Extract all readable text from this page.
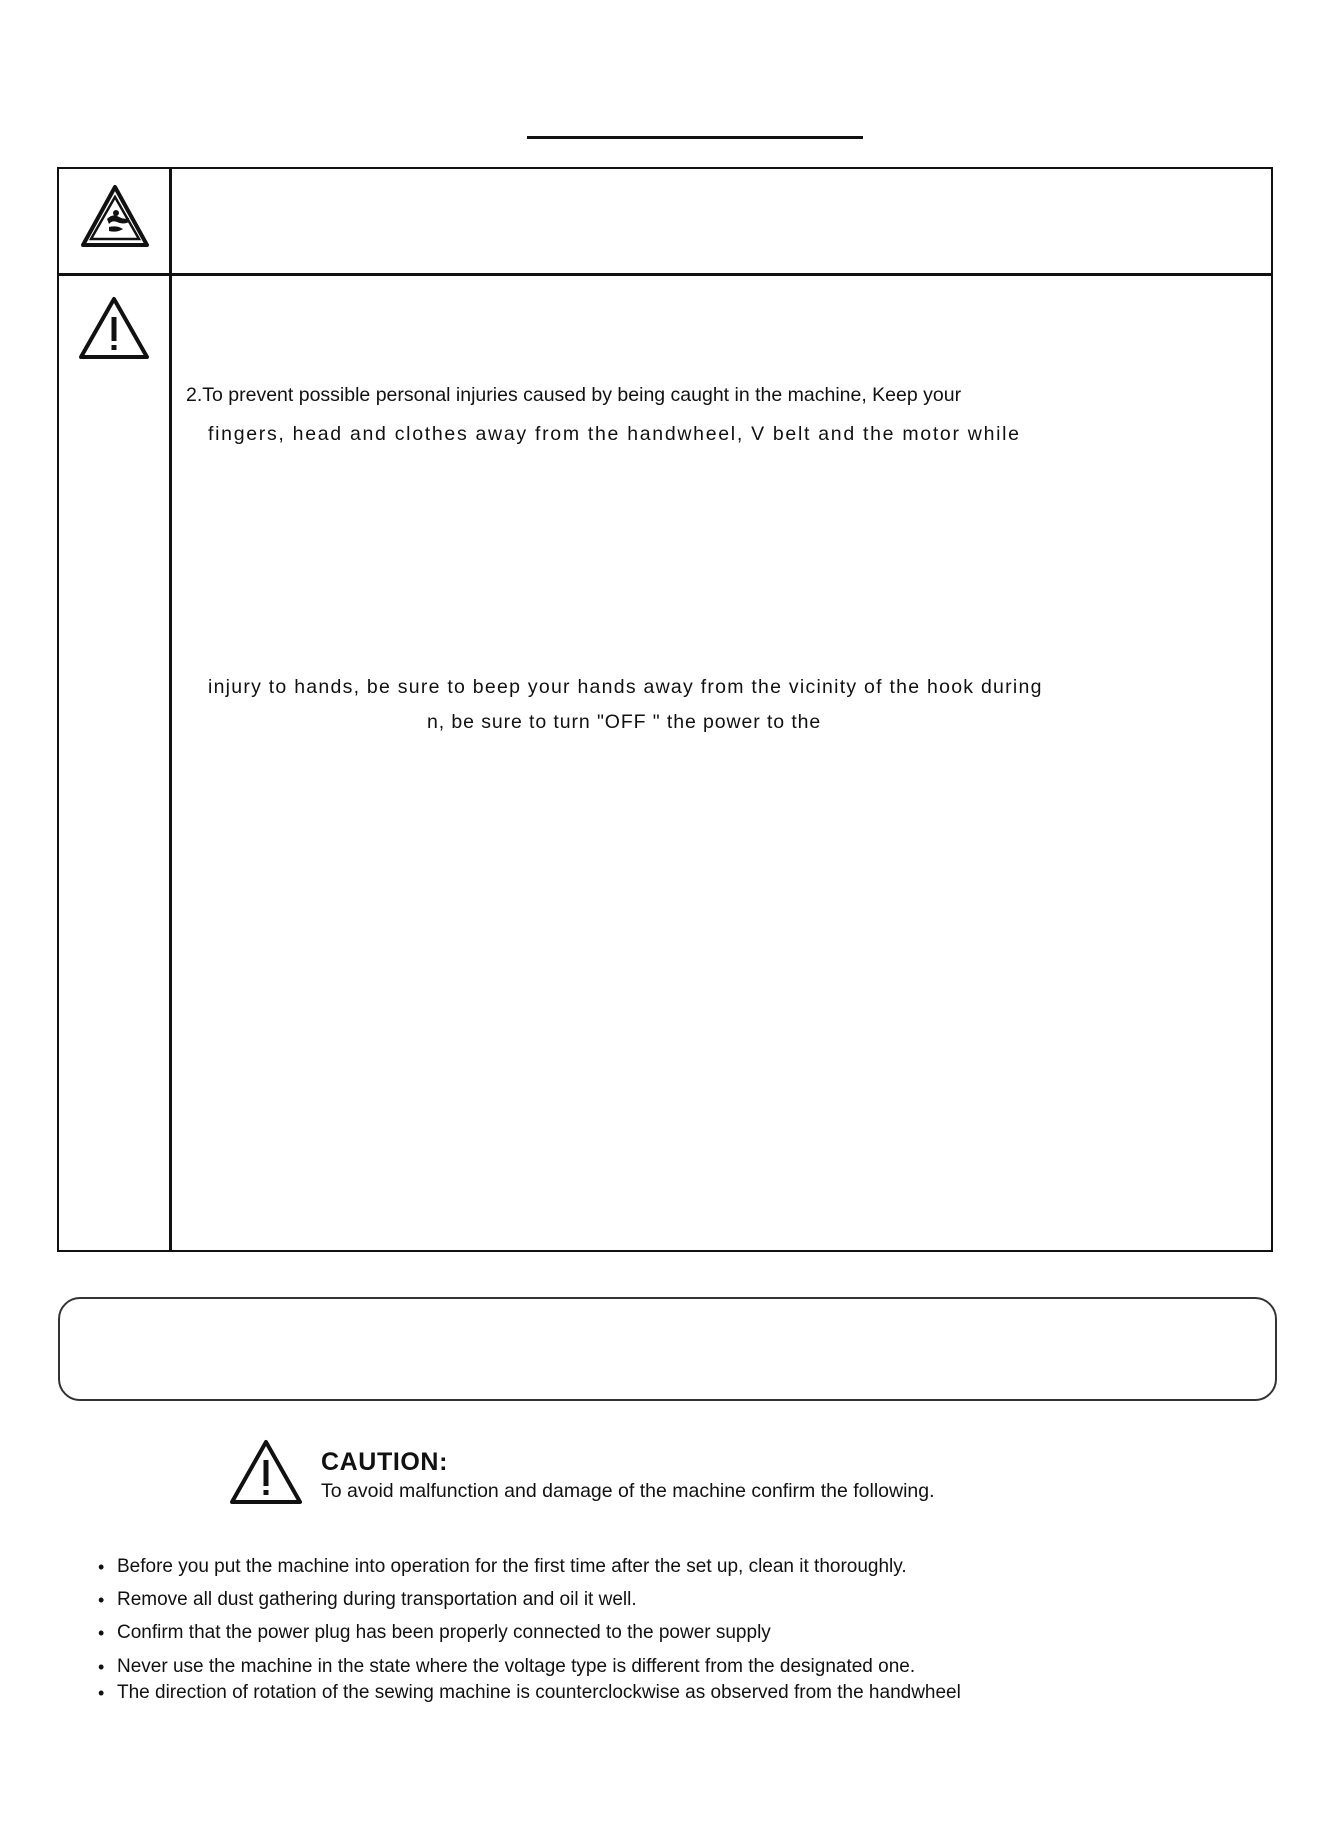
2.To prevent possible personal injuries caused by being caught in the machine, Keep your
fingers, head and clothes away from the handwheel, V belt and the motor while
injury to hands, be sure to beep your hands away from the vicinity of the hook during
n, be sure to turn "OFF " the power to the
CAUTION:
To avoid malfunction and damage of the machine confirm the following.
• Before you put the machine into operation for the first time after the set up, clean it thoroughly.
• Remove all dust gathering during transportation and oil it well.
• Confirm that the power plug has been properly connected to the power supply
• Never use the machine in the state where the voltage type is different from the designated one.
• The direction of rotation of the sewing machine is counterclockwise as observed from the handwheel
